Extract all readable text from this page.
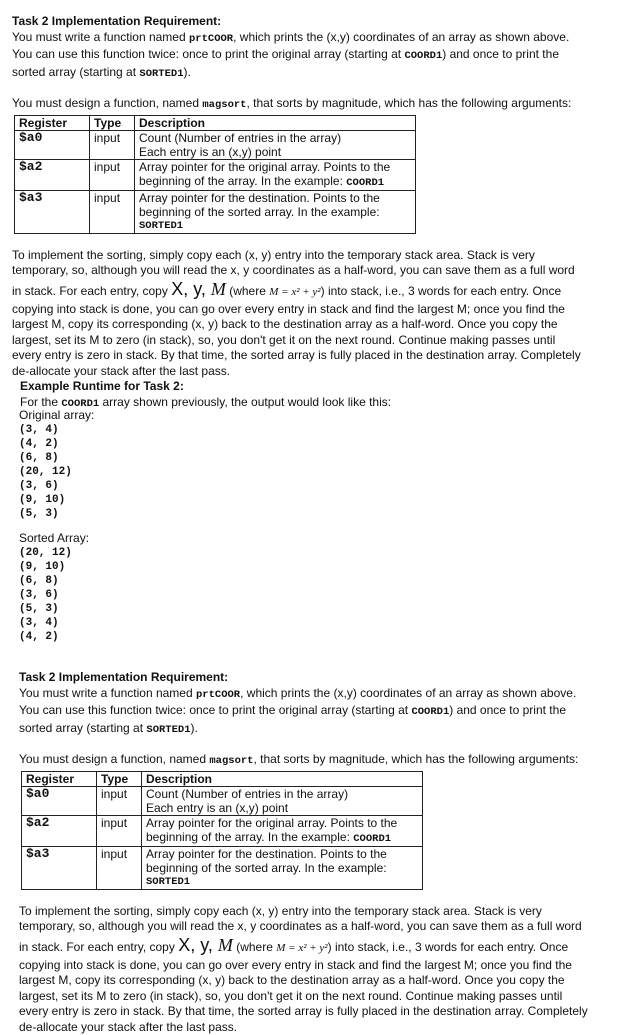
Task 2 Implementation Requirement:
You must write a function named prtCOOR, which prints the (x,y) coordinates of an array as shown above.
You can use this function twice: once to print the original array (starting at COORD1) and once to print the
sorted array (starting at SORTED1).
You must design a function, named magsort, that sorts by magnitude, which has the following arguments:
Register	Type	Description
$a0	input	Count (Number of entries in the array)
Each entry is an (x,y) point

$a2	input	Array pointer for the original array. Points to the
beginning of the array. In the example: COORD1

$a3	input	Array pointer for the destination. Points to the
beginning of the sorted array. In the example:
SORTED1
To implement the sorting, simply copy each (x, y) entry into the temporary stack area. Stack is very
temporary, so, although you will read the x, y coordinates as a half-word, you can save them as a full word
in stack. For each entry, copy X, y, M (where M = x² + y²) into stack, i.e., 3 words for each entry. Once
copying into stack is done, you can go over every entry in stack and find the largest M; once you find the
largest M, copy its corresponding (x, y) back to the destination array as a half-word. Once you copy the
largest, set its M to zero (in stack), so, you don't get it on the next round. Continue making passes until
every entry is zero in stack. By that time, the sorted array is fully placed in the destination array. Completely
de-allocate your stack after the last pass.
Example Runtime for Task 2:
For the COORD1 array shown previously, the output would look like this:
Original array:
(3, 4)
(4, 2)
(6, 8)
(20, 12)
(3, 6)
(9, 10)
(5, 3)
Sorted Array:
(20, 12)
(9, 10)
(6, 8)
(3, 6)
(5, 3)
(3, 4)
(4, 2)
Task 2 Implementation Requirement:
You must write a function named prtCOOR, which prints the (x,y) coordinates of an array as shown above.
You can use this function twice: once to print the original array (starting at COORD1) and once to print the
sorted array (starting at SORTED1).
You must design a function, named magsort, that sorts by magnitude, which has the following arguments:
Register	Type	Description
$a0	input	Count (Number of entries in the array)
Each entry is an (x,y) point

$a2	input	Array pointer for the original array. Points to the
beginning of the array. In the example: COORD1

$a3	input	Array pointer for the destination. Points to the
beginning of the sorted array. In the example:
SORTED1
To implement the sorting, simply copy each (x, y) entry into the temporary stack area. Stack is very
temporary, so, although you will read the x, y coordinates as a half-word, you can save them as a full word
in stack. For each entry, copy X, y, M (where M = x² + y²) into stack, i.e., 3 words for each entry. Once
copying into stack is done, you can go over every entry in stack and find the largest M; once you find the
largest M, copy its corresponding (x, y) back to the destination array as a half-word. Once you copy the
largest, set its M to zero (in stack), so, you don't get it on the next round. Continue making passes until
every entry is zero in stack. By that time, the sorted array is fully placed in the destination array. Completely
de-allocate your stack after the last pass.
